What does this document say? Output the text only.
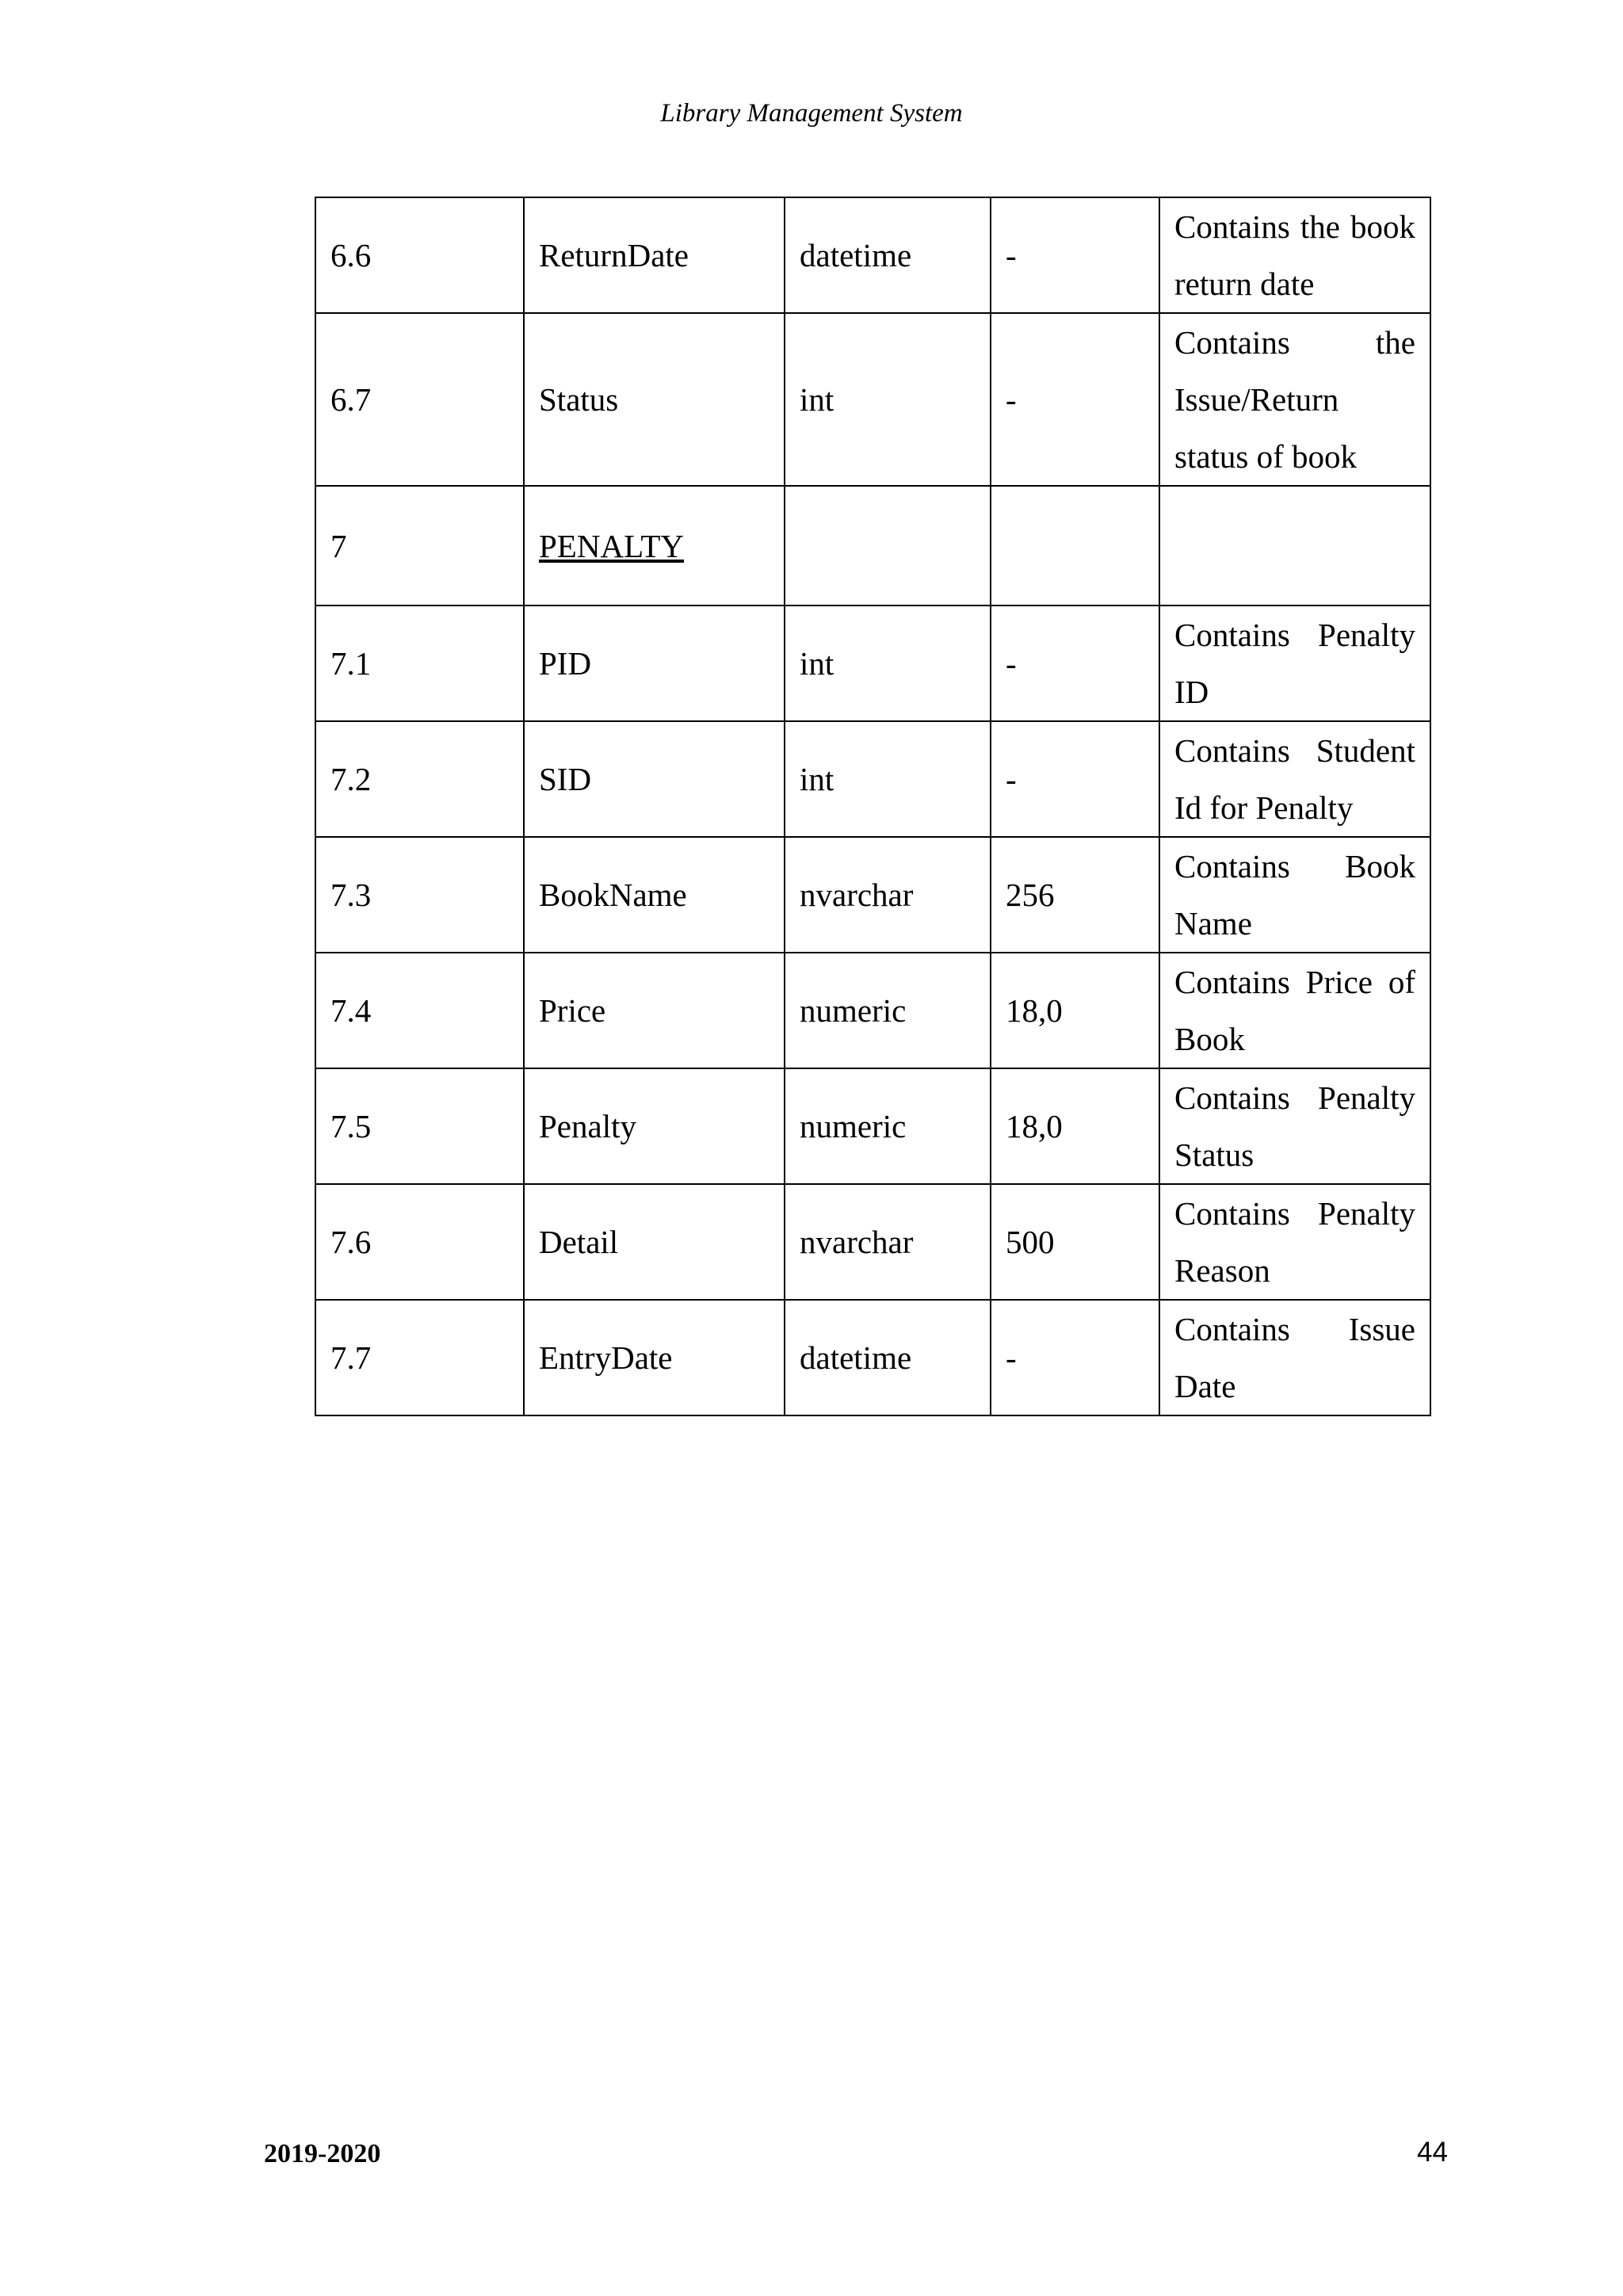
Library Management System
6.6	ReturnDate	datetime	-	Contains the book return date
6.7	Status	int	-	Contains the Issue/Return status of book
7	PENALTY			
7.1	PID	int	-	Contains Penalty ID
7.2	SID	int	-	Contains Student Id for Penalty
7.3	BookName	nvarchar	256	Contains Book Name
7.4	Price	numeric	18,0	Contains Price of Book
7.5	Penalty	numeric	18,0	Contains Penalty Status
7.6	Detail	nvarchar	500	Contains Penalty Reason
7.7	EntryDate	datetime	-	Contains Issue Date
2019-2020	44
